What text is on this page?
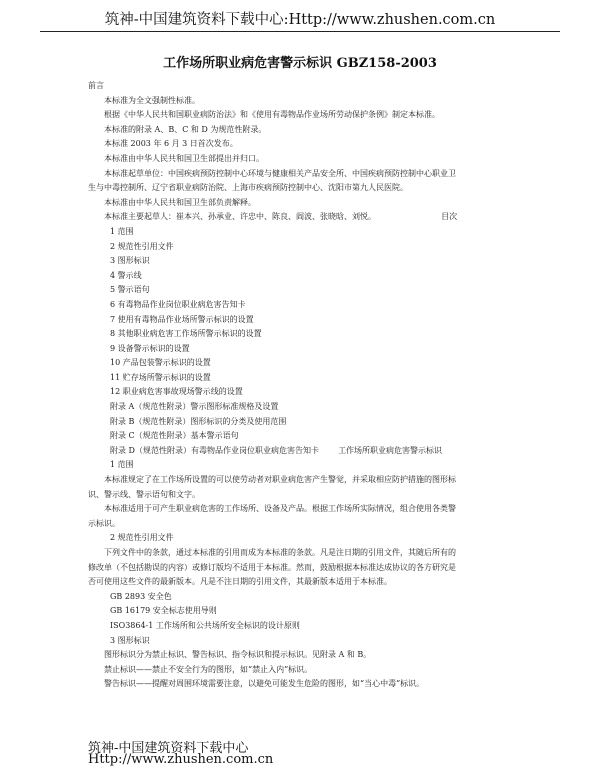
筑神-中国建筑资料下载中心:Http://www.zhushen.com.cn
工作场所职业病危害警示标识 GBZ158-2003
前言
本标准为全文强制性标准。
根据《中华人民共和国职业病防治法》和《使用有毒物品作业场所劳动保护条例》制定本标准。
本标准的附录 A、B、C 和 D 为规范性附录。
本标准 2003 年 6 月 3 日首次发布。
本标准由中华人民共和国卫生部提出并归口。
本标准起草单位：中国疾病预防控制中心环境与健康相关产品安全所、中国疾病预防控制中心职业卫
生与中毒控制所、辽宁省职业病防治院、上海市疾病预防控制中心、沈阳市第九人民医院。
本标准由中华人民共和国卫生部负责解释。
本标准主要起草人：崔本兴、孙承业、许忠中、陈良、阎波、张晓晗、刘悦。	目次
1 范围
2 规范性引用文件
3 图形标识
4 警示线
5 警示语句
6 有毒物品作业岗位职业病危害告知卡
7 使用有毒物品作业场所警示标识的设置
8 其他职业病危害工作场所警示标识的设置
9 设备警示标识的设置
10 产品包装警示标识的设置
11 贮存场所警示标识的设置
12 职业病危害事故现场警示线的设置
附录 A（规范性附录）警示图形标准规格及设置
附录 B（规范性附录）图形标识的分类及使用范围
附录 C（规范性附录）基本警示语句
附录 D（规范性附录）有毒物品作业岗位职业病危害告知卡 工作场所职业病危害警示标识
1 范围
本标准规定了在工作场所设置的可以使劳动者对职业病危害产生警觉，并采取相应防护措施的图形标
识、警示线、警示语句和文字。
本标准适用于可产生职业病危害的工作场所、设备及产品。根据工作场所实际情况，组合使用各类警
示标识。
2 规范性引用文件
下列文件中的条款，通过本标准的引用而成为本标准的条款。凡是注日期的引用文件，其随后所有的
修改单（不包括勘误的内容）或修订版均不适用于本标准。然而，鼓励根据本标准达成协议的各方研究是
否可使用这些文件的最新版本。凡是不注日期的引用文件，其最新版本适用于本标准。
GB 2893 安全色
GB 16179 安全标志使用导则
ISO3864-1 工作场所和公共场所安全标识的设计原则
3 图形标识
图形标识分为禁止标识、警告标识、指令标识和提示标识。见附录 A 和 B。
禁止标识——禁止不安全行为的图形，如“禁止入内”标识。
警告标识——提醒对周围环境需要注意，以避免可能发生危险的图形，如“当心中毒”标识。
筑神-中国建筑资料下载中心
Http://www.zhushen.com.cn
